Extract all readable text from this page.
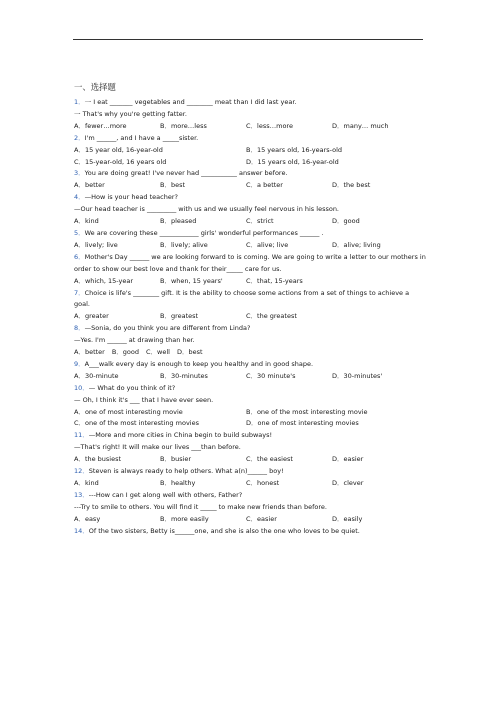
一、选择题
1．一 I eat _______ vegetables and ________ meat than I did last year.
一 That's why you're getting fatter.
A．fewer…more	B．more…less	C．less…more	D．many… much
2．I'm ______, and I have a _____sister.
A．15 year old, 16-year-old	B．15 years old, 16-years-old
C．15-year-old, 16 years old	D．15 years old, 16-year-old
3．You are doing great! I've never had ___________ answer before.
A．better	B．best	C．a better	D．the best
4．—How is your head teacher?
—Our head teacher is _________ with us and we usually feel nervous in his lesson.
A．kind	B．pleased	C．strict	D．good
5．We are covering these ____________ girls' wonderful performances ______ .
A．lively; live	B．lively; alive	C．alive; live	D．alive; living
6．Mother's Day ______ we are looking forward to is coming. We are going to write a letter to our mothers in order to show our best love and thank for their_____ care for us.
A．which, 15-year	B．when, 15 years'	C．that, 15-years
7．Choice is life's ________ gift. It is the ability to choose some actions from a set of things to achieve a goal.
A．greater	B．greatest	C．the greatest
8．—Sonia, do you think you are different from Linda?
—Yes. I'm ______ at drawing than her.
A．better B．good C．well D．best
9．A___walk every day is enough to keep you healthy and in good shape.
A．30-minute	B．30-minutes	C．30 minute's	D．30-minutes'
10．— What do you think of it?
— Oh, I think it's ___ that I have ever seen.
A．one of most interesting movie	B．one of the most interesting movie
C．one of the most interesting movies	D．one of most interesting movies
11．—More and more cities in China begin to build subways!
—That's right! It will make our lives ___than before.
A．the busiest	B．busier	C．the easiest	D．easier
12．Steven is always ready to help others. What a(n)______ boy!
A．kind	B．healthy	C．honest	D．clever
13．---How can I get along well with others, Father?
---Try to smile to others. You will find it _____ to make new friends than before.
A．easy	B．more easily	C．easier	D．easily
14．Of the two sisters, Betty is______one, and she is also the one who loves to be quiet.
